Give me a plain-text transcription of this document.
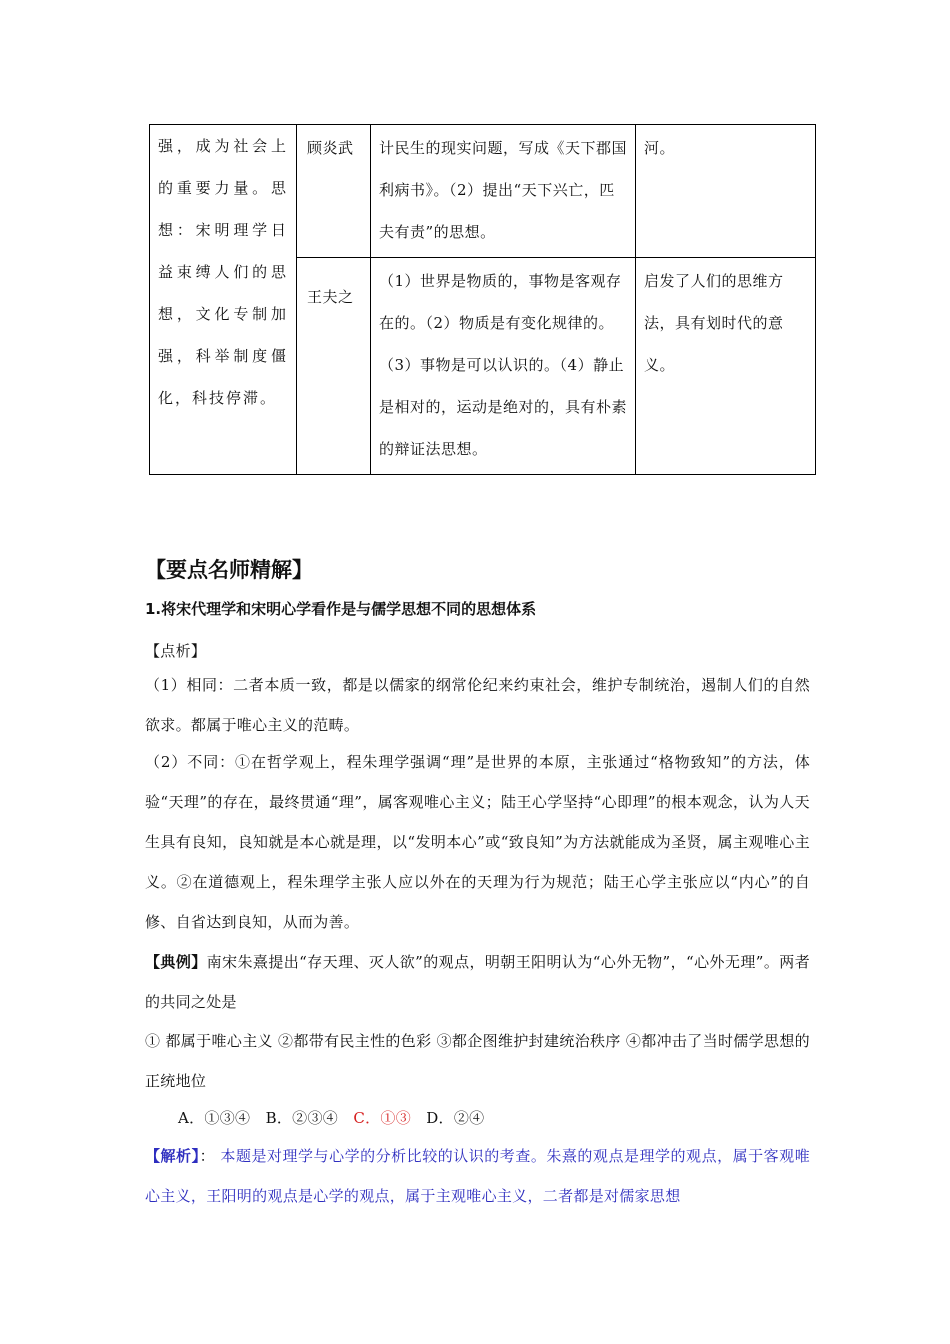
强，成为社会上的重要力量。思想：宋明理学日益束缚人们的思想，文化专制加强，科举制度僵化，科技停滞。	顾炎武	计民生的现实问题，写成《天下郡国利病书》。（2）提出“天下兴亡，匹夫有责”的思想。	河。
	王夫之	（1）世界是物质的，事物是客观存在的。（2）物质是有变化规律的。（3）事物是可以认识的。（4）静止是相对的，运动是绝对的，具有朴素的辩证法思想。	启发了人们的思维方法，具有划时代的意义。
【要点名师精解】
1.将宋代理学和宋明心学看作是与儒学思想不同的思想体系
【点析】
（1）相同：二者本质一致，都是以儒家的纲常伦纪来约束社会，维护专制统治，遏制人们的自然欲求。都属于唯心主义的范畴。
（2）不同：①在哲学观上，程朱理学强调“理”是世界的本原，主张通过“格物致知”的方法，体验“天理”的存在，最终贯通“理”，属客观唯心主义；陆王心学坚持“心即理”的根本观念，认为人天生具有良知，良知就是本心就是理，以“发明本心”或“致良知”为方法就能成为圣贤，属主观唯心主义。②在道德观上，程朱理学主张人应以外在的天理为行为规范；陆王心学主张应以“内心”的自修、自省达到良知，从而为善。
【典例】南宋朱熹提出“存天理、灭人欲”的观点，明朝王阳明认为“心外无物”，“心外无理”。两者的共同之处是
① 都属于唯心主义 ②都带有民主性的色彩 ③都企图维护封建统治秩序 ④都冲击了当时儒学思想的正统地位
A．①③④ B．②③④ C．①③ D．②④
【解析】： 本题是对理学与心学的分析比较的认识的考查。朱熹的观点是理学的观点，属于客观唯心主义，王阳明的观点是心学的观点，属于主观唯心主义，二者都是对儒家思想
